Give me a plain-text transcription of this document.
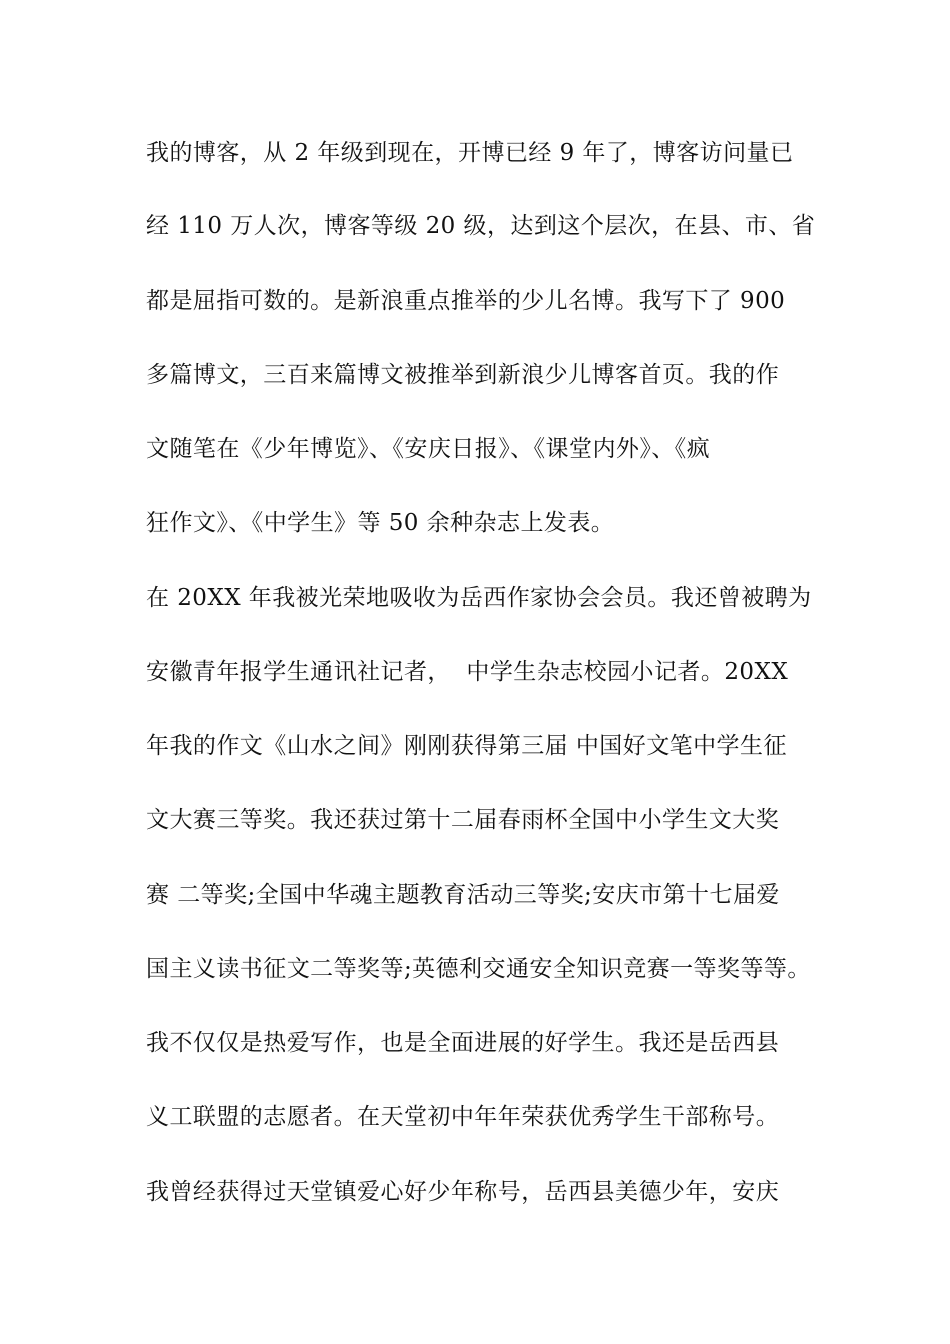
我的博客，从 2 年级到现在，开博已经 9 年了，博客访问量已
经 110 万人次，博客等级 20 级，达到这个层次，在县、市、省
都是屈指可数的。是新浪重点推举的少儿名博。我写下了 900
多篇博文，三百来篇博文被推举到新浪少儿博客首页。我的作
文随笔在《少年博览》、《安庆日报》、《课堂内外》、《疯
狂作文》、《中学生》等 50 余种杂志上发表。
在 20XX 年我被光荣地吸收为岳西作家协会会员。我还曾被聘为
安徽青年报学生通讯社记者，  中学生杂志校园小记者。20XX
年我的作文《山水之间》刚刚获得第三届 中国好文笔中学生征
文大赛三等奖。我还获过第十二届春雨杯全国中小学生文大奖
赛 二等奖;全国中华魂主题教育活动三等奖;安庆市第十七届爱
国主义读书征文二等奖等;英德利交通安全知识竞赛一等奖等等。
我不仅仅是热爱写作，也是全面进展的好学生。我还是岳西县
义工联盟的志愿者。在天堂初中年年荣获优秀学生干部称号。
我曾经获得过天堂镇爱心好少年称号，岳西县美德少年，安庆
